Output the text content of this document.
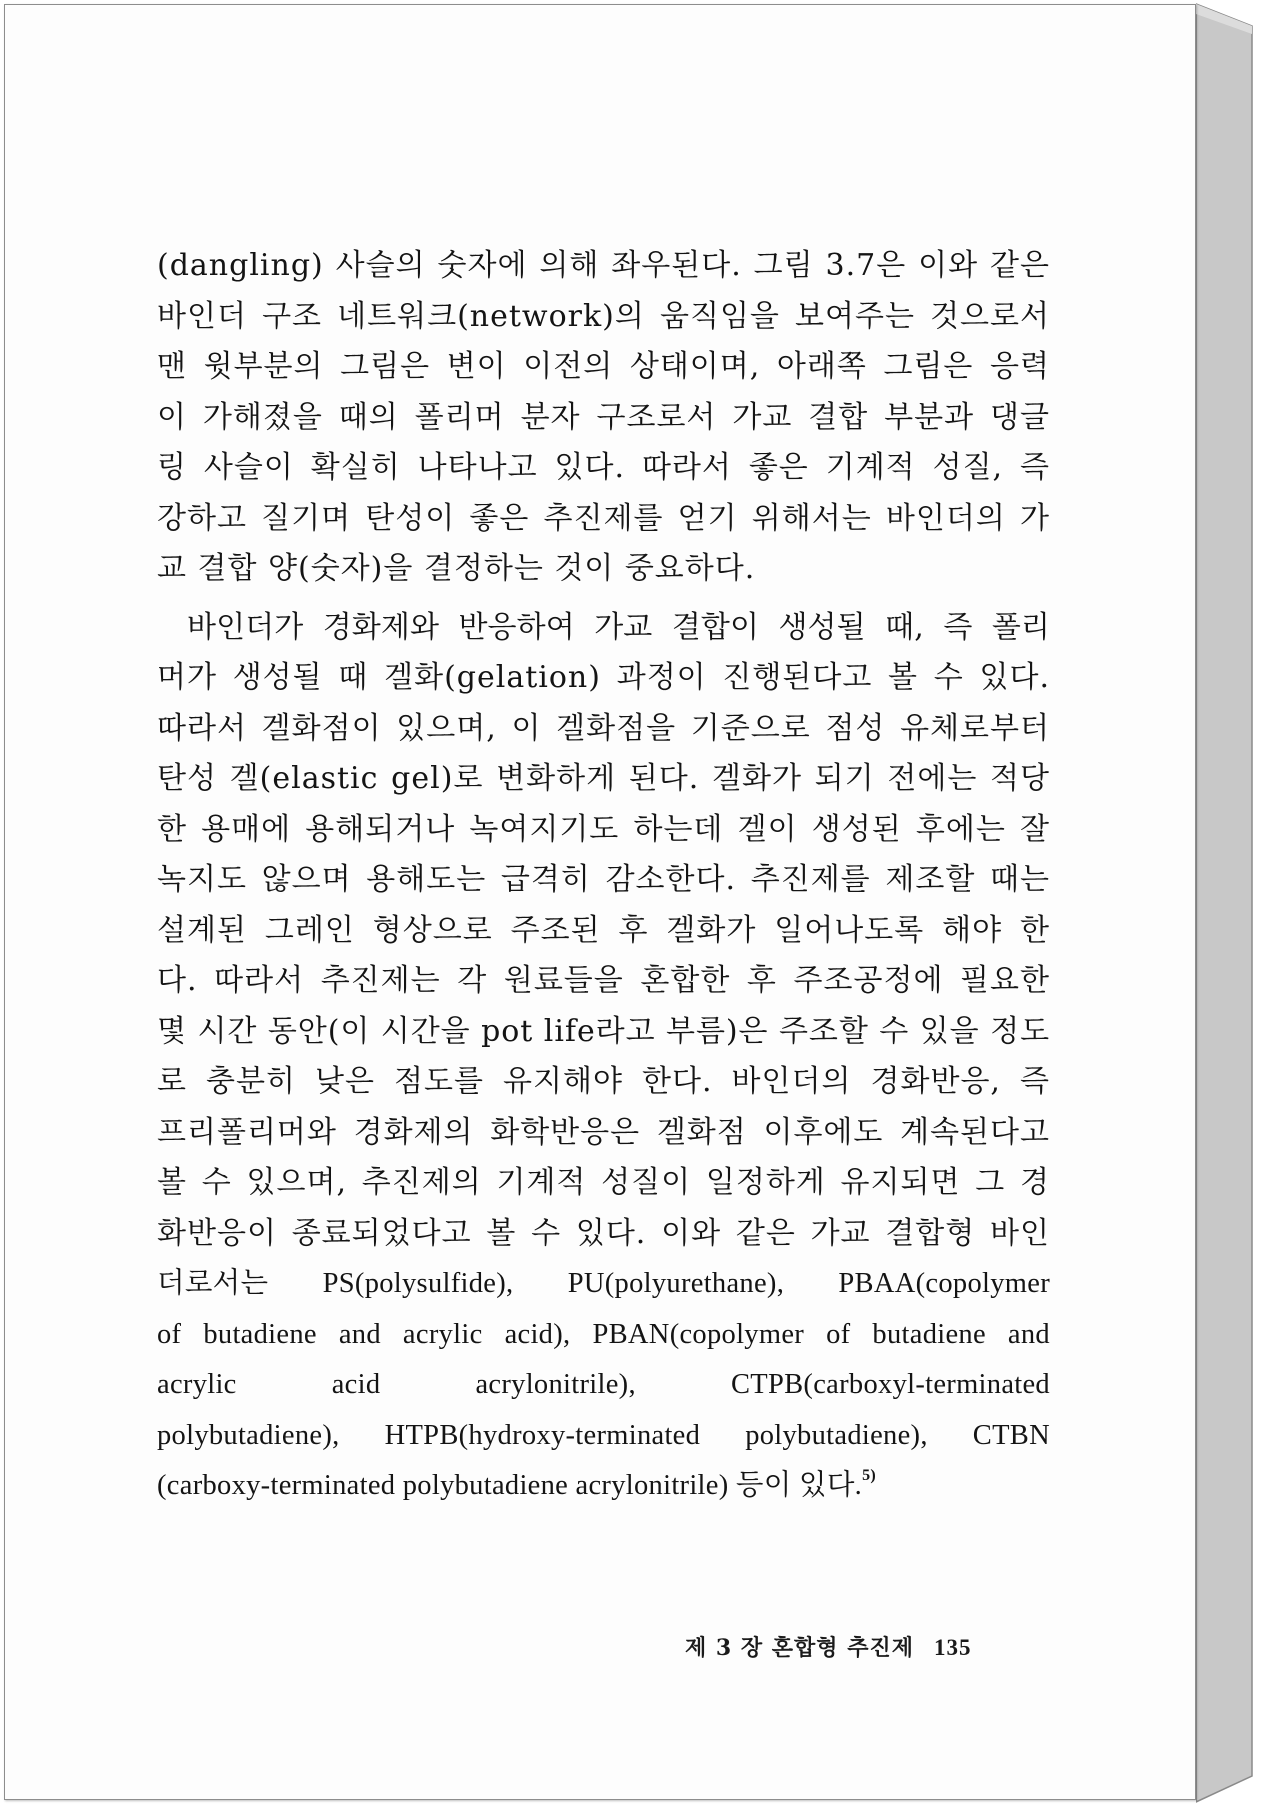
(dangling) 사슬의 숫자에 의해 좌우된다. 그림 3.7은 이와 같은
바인더 구조 네트워크(network)의 움직임을 보여주는 것으로서
맨 윗부분의 그림은 변이 이전의 상태이며, 아래쪽 그림은 응력
이 가해졌을 때의 폴리머 분자 구조로서 가교 결합 부분과 댕글
링 사슬이 확실히 나타나고 있다. 따라서 좋은 기계적 성질, 즉
강하고 질기며 탄성이 좋은 추진제를 얻기 위해서는 바인더의 가
교 결합 양(숫자)을 결정하는 것이 중요하다.

바인더가 경화제와 반응하여 가교 결합이 생성될 때, 즉 폴리
머가 생성될 때 겔화(gelation) 과정이 진행된다고 볼 수 있다.
따라서 겔화점이 있으며, 이 겔화점을 기준으로 점성 유체로부터
탄성 겔(elastic gel)로 변화하게 된다. 겔화가 되기 전에는 적당
한 용매에 용해되거나 녹여지기도 하는데 겔이 생성된 후에는 잘
녹지도 않으며 용해도는 급격히 감소한다. 추진제를 제조할 때는
설계된 그레인 형상으로 주조된 후 겔화가 일어나도록 해야 한
다. 따라서 추진제는 각 원료들을 혼합한 후 주조공정에 필요한
몇 시간 동안(이 시간을 pot life라고 부름)은 주조할 수 있을 정도
로 충분히 낮은 점도를 유지해야 한다. 바인더의 경화반응, 즉
프리폴리머와 경화제의 화학반응은 겔화점 이후에도 계속된다고
볼 수 있으며, 추진제의 기계적 성질이 일정하게 유지되면 그 경
화반응이 종료되었다고 볼 수 있다. 이와 같은 가교 결합형 바인
더로서는 PS(polysulfide), PU(polyurethane), PBAA(copolymer
of butadiene and acrylic acid), PBAN(copolymer of butadiene and
acrylic acid acrylonitrile), CTPB(carboxyl-terminated
polybutadiene), HTPB(hydroxy-terminated polybutadiene), CTBN
(carboxy-terminated polybutadiene acrylonitrile) 등이 있다.$^{5)}$

제 3 장 혼합형 추진제 135
